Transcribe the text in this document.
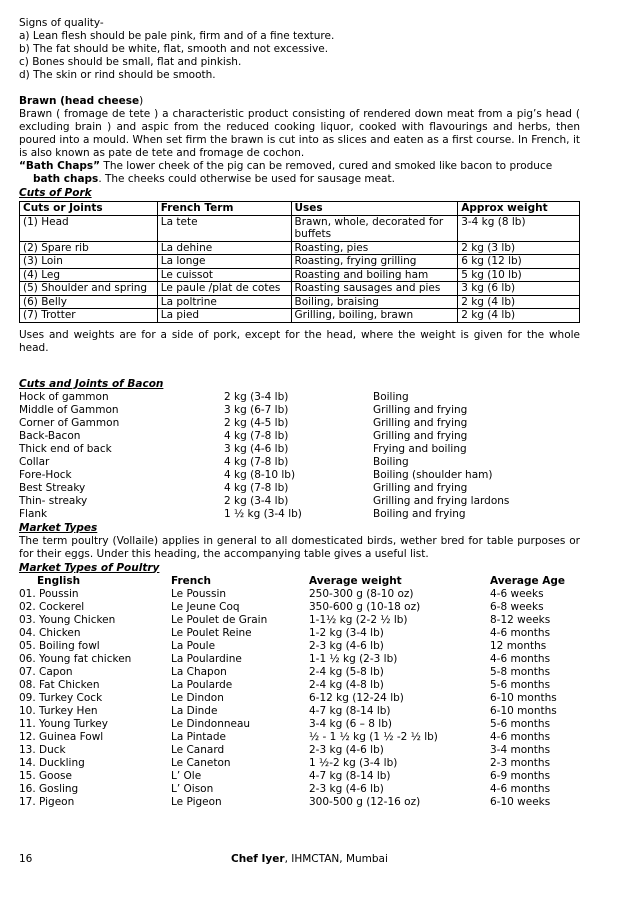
Signs of quality-
a) Lean flesh should be pale pink, firm and of a fine texture.
b) The fat should be white, flat, smooth and not excessive.
c) Bones should be small, flat and pinkish.
d) The skin or rind should be smooth.
Brawn (head cheese)
Brawn ( fromage de tete ) a characteristic product consisting of rendered down meat from a pig’s head ( excluding brain ) and aspic from the reduced cooking liquor, cooked with flavourings and herbs, then poured into a mould. When set firm the brawn is cut into as slices and eaten as a first course. In French, it is also known as pate de tete and fromage de cochon.
“Bath Chaps” The lower cheek of the pig can be removed, cured and smoked like bacon to produce
bath chaps. The cheeks could otherwise be used for sausage meat.
Cuts of Pork
Cuts or Joints	French Term	Uses	Approx weight
(1) Head	La tete	Brawn, whole, decorated for buffets	3-4 kg (8 lb)
(2) Spare rib	La dehine	Roasting, pies	2 kg (3 lb)
(3) Loin	La longe	Roasting, frying grilling	6 kg (12 lb)
(4) Leg	Le cuissot	Roasting and boiling ham	5 kg (10 lb)
(5) Shoulder and spring	Le paule /plat de cotes	Roasting sausages and pies	3 kg (6 lb)
(6) Belly	La poltrine	Boiling, braising	2 kg (4 lb)
(7) Trotter	La pied	Grilling, boiling, brawn	2 kg (4 lb)
Uses and weights are for a side of pork, except for the head, where the weight is given for the whole head.
Cuts and Joints of Bacon
Hock of gammon	2 kg (3-4 lb)	Boiling
Middle of Gammon	3 kg (6-7 lb)	Grilling and frying
Corner of Gammon	2 kg (4-5 lb)	Grilling and frying
Back-Bacon	4 kg (7-8 lb)	Grilling and frying
Thick end of back	3 kg (4-6 lb)	Frying and boiling
Collar	4 kg (7-8 lb)	Boiling
Fore-Hock	4 kg (8-10 lb)	Boiling (shoulder ham)
Best Streaky	4 kg (7-8 lb)	Grilling and frying
Thin- streaky	2 kg (3-4 lb)	Grilling and frying lardons
Flank	1 ½ kg (3-4 lb)	Boiling and frying
Market Types
The term poultry (Vollaile) applies in general to all domesticated birds, wether bred for table purposes or for their eggs. Under this heading, the accompanying table gives a useful list.
Market Types of Poultry
English	French	Average weight	Average Age
01. Poussin	Le Poussin	250-300 g (8-10 oz)	4-6 weeks
02. Cockerel	Le Jeune Coq	350-600 g (10-18 oz)	6-8 weeks
03. Young Chicken	Le Poulet de Grain	1-1½ kg (2-2 ½ lb)	8-12 weeks
04. Chicken	Le Poulet Reine	1-2 kg (3-4 lb)	4-6 months
05. Boiling fowl	La Poule	2-3 kg (4-6 lb)	12 months
06. Young fat chicken	La Poulardine	1-1 ½ kg (2-3 lb)	4-6 months
07. Capon	La Chapon	2-4 kg (5-8 lb)	5-8 months
08. Fat Chicken	La Poularde	2-4 kg (4-8 lb)	5-6 months
09. Turkey Cock	Le Dindon	6-12 kg (12-24 lb)	6-10 months
10. Turkey Hen	La Dinde	4-7 kg (8-14 lb)	6-10 months
11. Young Turkey	Le Dindonneau	3-4 kg (6 – 8 lb)	5-6 months
12. Guinea Fowl	La Pintade	½ - 1 ½ kg (1 ½ -2 ½ lb)	4-6 months
13. Duck	Le Canard	2-3 kg (4-6 lb)	3-4 months
14. Duckling	Le Caneton	1 ½-2 kg (3-4 lb)	2-3 months
15. Goose	L’ Ole	4-7 kg (8-14 lb)	6-9 months
16. Gosling	L’ Oison	2-3 kg (4-6 lb)	4-6 months
17. Pigeon	Le Pigeon	300-500 g (12-16 oz)	6-10 weeks
16	Chef Iyer, IHMCTAN, Mumbai
